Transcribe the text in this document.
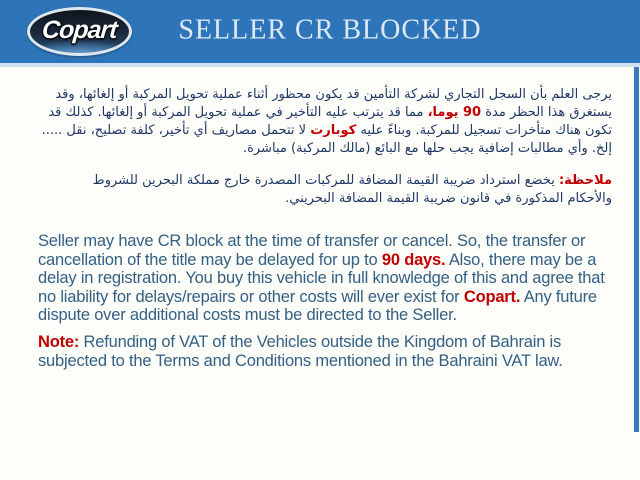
Copart SELLER CR BLOCKED

يرجى العلم بأن السجل التجاري لشركة التأمين قد يكون محظور أثناء عملية تحويل المركبة أو إلغائها، وقد يستغرق هذا الحظر مدة 90 يوما، مما قد يترتب عليه التأخير في عملية تحويل المركبة أو إلغائها. كذلك قد تكون هناك متأخرات تسجيل للمركبة. وبناءً عليه كوبارت لا تتحمل مصاريف أي تأخير، كلفة تصليح، نقل ..... إلخ. وأي مطالبات إضافية يجب حلها مع البائع (مالك المركبة) مباشرة.

ملاحظة: يخضع استرداد ضريبة القيمة المضافة للمركبات المصدرة خارج مملكة البحرين للشروط والأحكام المذكورة في قانون ضريبة القيمة المضافة البحريني.

Seller may have CR block at the time of transfer or cancel. So, the transfer or cancellation of the title may be delayed for up to 90 days. Also, there may be a delay in registration. You buy this vehicle in full knowledge of this and agree that no liability for delays/repairs or other costs will ever exist for Copart. Any future dispute over additional costs must be directed to the Seller.

Note: Refunding of VAT of the Vehicles outside the Kingdom of Bahrain is subjected to the Terms and Conditions mentioned in the Bahraini VAT law.
